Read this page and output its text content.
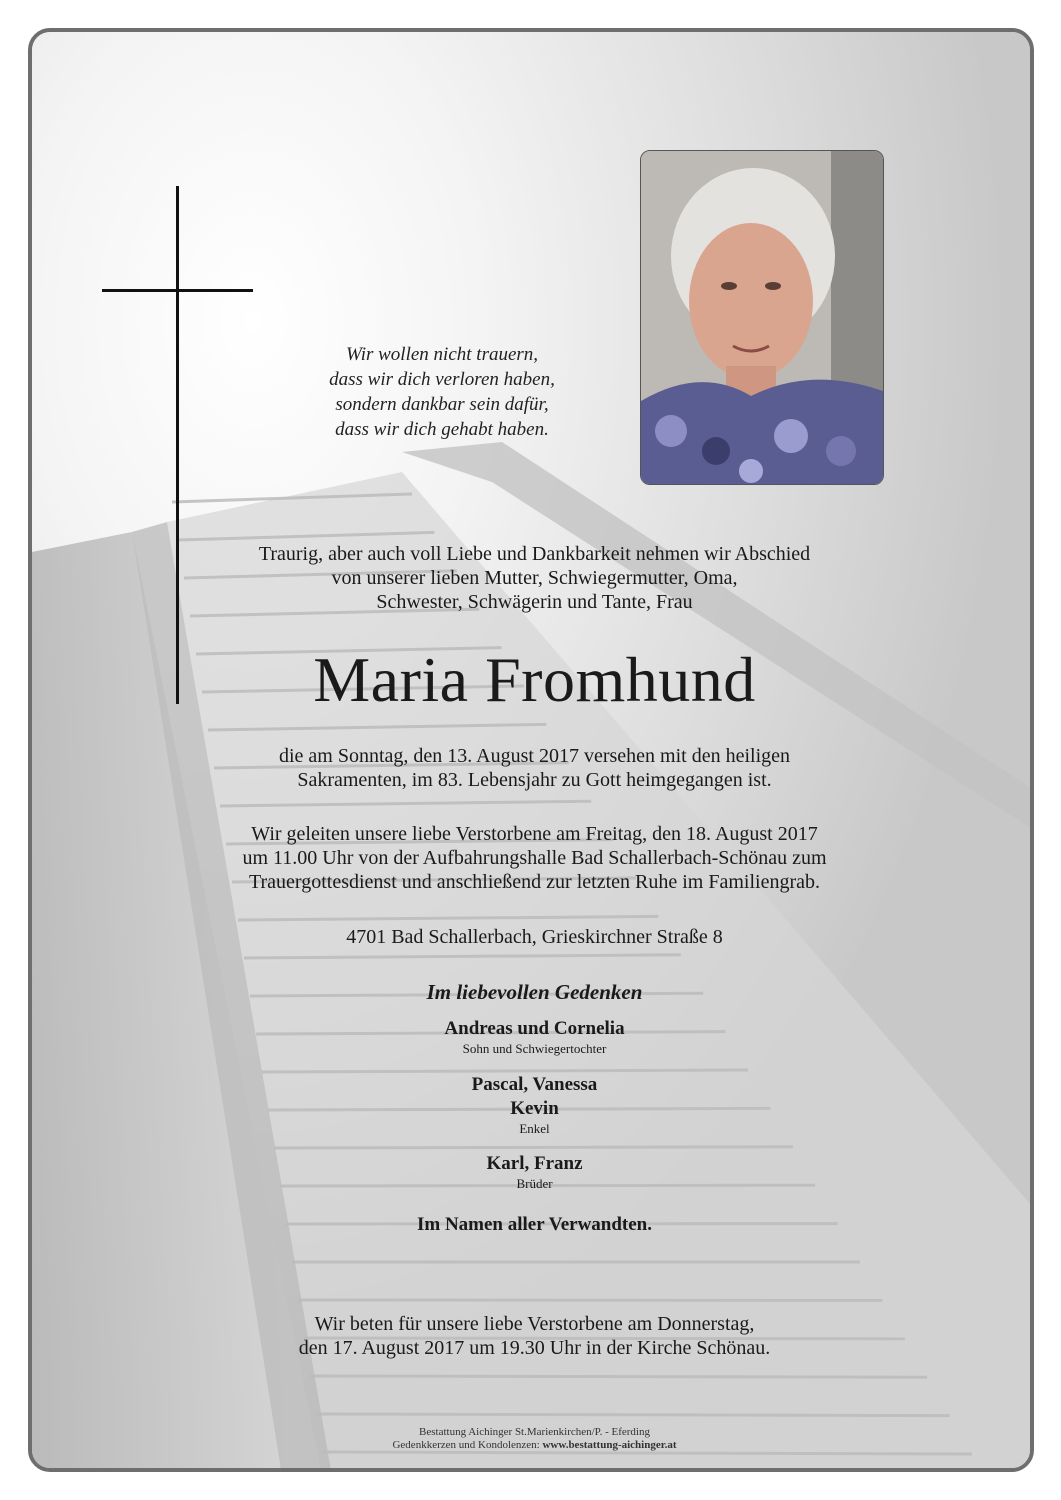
Wir wollen nicht trauern,
dass wir dich verloren haben,
sondern dankbar sein dafür,
dass wir dich gehabt haben.
Traurig, aber auch voll Liebe und Dankbarkeit nehmen wir Abschied
von unserer lieben Mutter, Schwiegermutter, Oma,
Schwester, Schwägerin und Tante, Frau
Maria Fromhund
die am Sonntag, den 13. August 2017 versehen mit den heiligen
Sakramenten, im 83. Lebensjahr zu Gott heimgegangen ist.
Wir geleiten unsere liebe Verstorbene am Freitag, den 18. August 2017
um 11.00 Uhr von der Aufbahrungshalle Bad Schallerbach-Schönau zum
Trauergottesdienst und anschließend zur letzten Ruhe im Familiengrab.
4701 Bad Schallerbach, Grieskirchner Straße 8
Im liebevollen Gedenken
Andreas und Cornelia
Sohn und Schwiegertochter
Pascal, Vanessa
Kevin
Enkel
Karl, Franz
Brüder
Im Namen aller Verwandten.
Wir beten für unsere liebe Verstorbene am Donnerstag,
den 17. August 2017 um 19.30 Uhr in der Kirche Schönau.
Bestattung Aichinger St.Marienkirchen/P. - Eferding
Gedenkkerzen und Kondolenzen: www.bestattung-aichinger.at
